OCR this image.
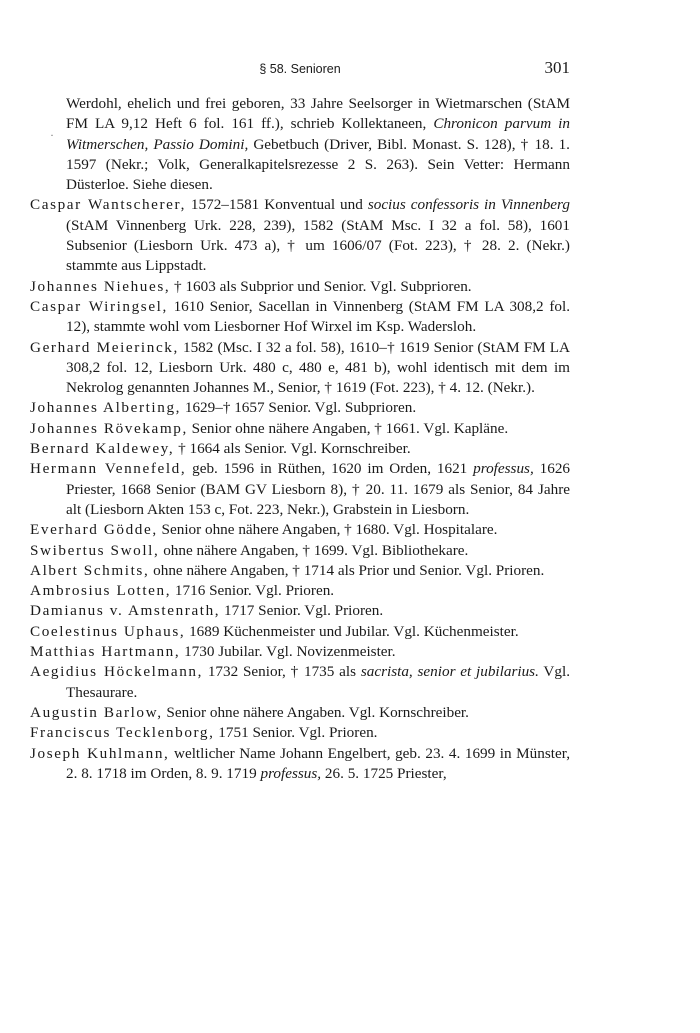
§ 58. Senioren	301
·

Werdohl, ehelich und frei geboren, 33 Jahre Seelsorger in Wietmarschen (StAM FM LA 9,12 Heft 6 fol. 161 ff.), schrieb Kollektaneen, Chronicon parvum in Witmerschen, Passio Domini, Gebetbuch (Driver, Bibl. Monast. S. 128), † 18. 1. 1597 (Nekr.; Volk, Generalkapitelsrezesse 2 S. 263). Sein Vetter: Hermann Düsterloe. Siehe diesen.

Caspar Wantscherer, 1572–1581 Konventual und socius confessoris in Vinnenberg (StAM Vinnenberg Urk. 228, 239), 1582 (StAM Msc. I 32 a fol. 58), 1601 Subsenior (Liesborn Urk. 473 a), † um 1606/07 (Fot. 223), † 28. 2. (Nekr.) stammte aus Lippstadt.

Johannes Niehues, † 1603 als Subprior und Senior. Vgl. Subprioren.

Caspar Wiringsel, 1610 Senior, Sacellan in Vinnenberg (StAM FM LA 308,2 fol. 12), stammte wohl vom Liesborner Hof Wirxel im Ksp. Wadersloh.

Gerhard Meierinck, 1582 (Msc. I 32 a fol. 58), 1610–† 1619 Senior (StAM FM LA 308,2 fol. 12, Liesborn Urk. 480 c, 480 e, 481 b), wohl identisch mit dem im Nekrolog genannten Johannes M., Senior, † 1619 (Fot. 223), † 4. 12. (Nekr.).

Johannes Alberting, 1629–† 1657 Senior. Vgl. Subprioren.

Johannes Rövekamp, Senior ohne nähere Angaben, † 1661. Vgl. Kapläne.

Bernard Kaldewey, † 1664 als Senior. Vgl. Kornschreiber.

Hermann Vennefeld, geb. 1596 in Rüthen, 1620 im Orden, 1621 professus, 1626 Priester, 1668 Senior (BAM GV Liesborn 8), † 20. 11. 1679 als Senior, 84 Jahre alt (Liesborn Akten 153 c, Fot. 223, Nekr.), Grabstein in Liesborn.

Everhard Gödde, Senior ohne nähere Angaben, † 1680. Vgl. Hospitalare.

Swibertus Swoll, ohne nähere Angaben, † 1699. Vgl. Bibliothekare.

Albert Schmits, ohne nähere Angaben, † 1714 als Prior und Senior. Vgl. Prioren.

Ambrosius Lotten, 1716 Senior. Vgl. Prioren.

Damianus v. Amstenrath, 1717 Senior. Vgl. Prioren.

Coelestinus Uphaus, 1689 Küchenmeister und Jubilar. Vgl. Küchenmeister.

Matthias Hartmann, 1730 Jubilar. Vgl. Novizenmeister.

Aegidius Höckelmann, 1732 Senior, † 1735 als sacrista, senior et jubilarius. Vgl. Thesaurare.

Augustin Barlow, Senior ohne nähere Angaben. Vgl. Kornschreiber.

Franciscus Tecklenborg, 1751 Senior. Vgl. Prioren.

Joseph Kuhlmann, weltlicher Name Johann Engelbert, geb. 23. 4. 1699 in Münster, 2. 8. 1718 im Orden, 8. 9. 1719 professus, 26. 5. 1725 Priester,
